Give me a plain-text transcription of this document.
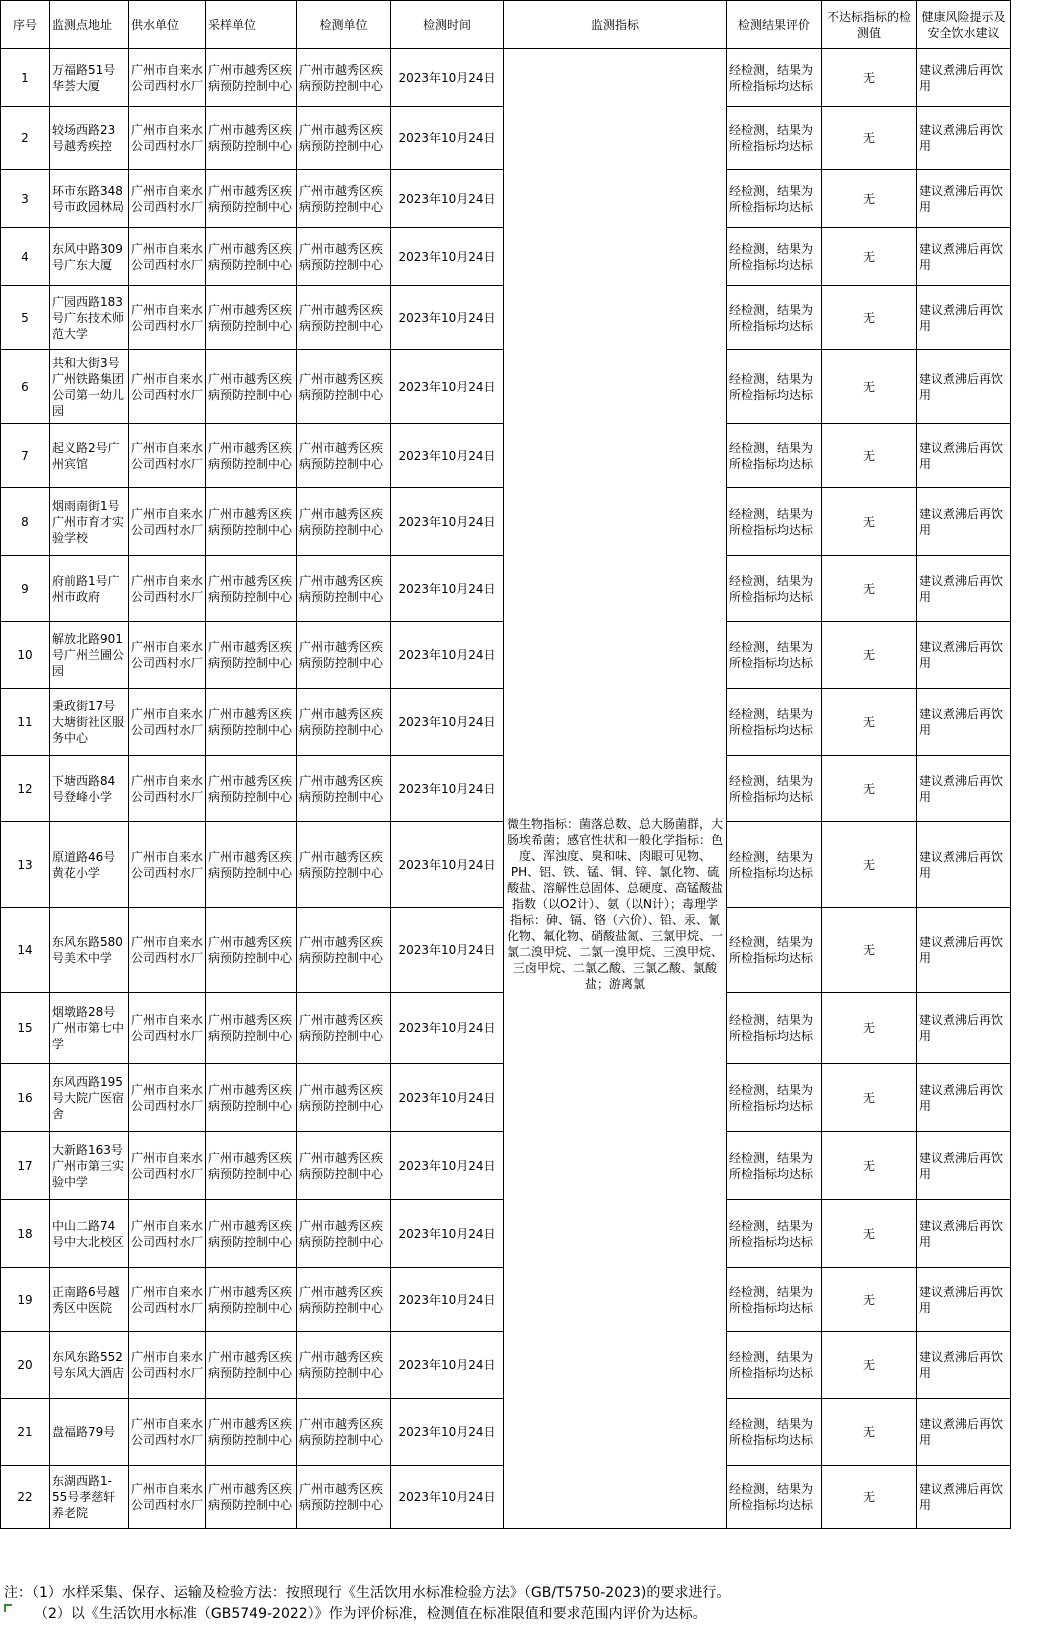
序号	监测点地址	供水单位	采样单位	检测单位	检测时间	监测指标	检测结果评价	不达标指标的检测值	健康风险提示及安全饮水建议
1	万福路51号华荟大厦	广州市自来水公司西村水厂	广州市越秀区疾病预防控制中心	广州市越秀区疾病预防控制中心	2023年10月24日	微生物指标：菌落总数、总大肠菌群，大肠埃希菌；感官性状和一般化学指标：色度、浑浊度、臭和味、肉眼可见物、PH、铝、铁、锰、铜、锌、氯化物、硫酸盐、溶解性总固体、总硬度、高锰酸盐指数（以O2计）、氨（以N计）；毒理学指标：砷、镉、铬（六价）、铅、汞、氰化物、氟化物、硝酸盐氮、三氯甲烷、一氯二溴甲烷、二氯一溴甲烷、三溴甲烷、三卤甲烷、二氯乙酸、三氯乙酸、氯酸盐；游离氯	经检测，结果为所检指标均达标	无	建议煮沸后再饮用
2	较场西路23号越秀疾控	广州市自来水公司西村水厂	广州市越秀区疾病预防控制中心	广州市越秀区疾病预防控制中心	2023年10月24日		经检测，结果为所检指标均达标	无	建议煮沸后再饮用
3	环市东路348号市政园林局	广州市自来水公司西村水厂	广州市越秀区疾病预防控制中心	广州市越秀区疾病预防控制中心	2023年10月24日		经检测，结果为所检指标均达标	无	建议煮沸后再饮用
4	东风中路309号广东大厦	广州市自来水公司西村水厂	广州市越秀区疾病预防控制中心	广州市越秀区疾病预防控制中心	2023年10月24日		经检测，结果为所检指标均达标	无	建议煮沸后再饮用
5	广园西路183号广东技术师范大学	广州市自来水公司西村水厂	广州市越秀区疾病预防控制中心	广州市越秀区疾病预防控制中心	2023年10月24日		经检测，结果为所检指标均达标	无	建议煮沸后再饮用
6	共和大街3号广州铁路集团公司第一幼儿园	广州市自来水公司西村水厂	广州市越秀区疾病预防控制中心	广州市越秀区疾病预防控制中心	2023年10月24日		经检测，结果为所检指标均达标	无	建议煮沸后再饮用
7	起义路2号广州宾馆	广州市自来水公司西村水厂	广州市越秀区疾病预防控制中心	广州市越秀区疾病预防控制中心	2023年10月24日		经检测，结果为所检指标均达标	无	建议煮沸后再饮用
8	烟雨南街1号广州市育才实验学校	广州市自来水公司西村水厂	广州市越秀区疾病预防控制中心	广州市越秀区疾病预防控制中心	2023年10月24日		经检测，结果为所检指标均达标	无	建议煮沸后再饮用
9	府前路1号广州市政府	广州市自来水公司西村水厂	广州市越秀区疾病预防控制中心	广州市越秀区疾病预防控制中心	2023年10月24日		经检测，结果为所检指标均达标	无	建议煮沸后再饮用
10	解放北路901号广州兰圃公园	广州市自来水公司西村水厂	广州市越秀区疾病预防控制中心	广州市越秀区疾病预防控制中心	2023年10月24日		经检测，结果为所检指标均达标	无	建议煮沸后再饮用
11	秉政街17号大塘街社区服务中心	广州市自来水公司西村水厂	广州市越秀区疾病预防控制中心	广州市越秀区疾病预防控制中心	2023年10月24日		经检测，结果为所检指标均达标	无	建议煮沸后再饮用
12	下塘西路84号登峰小学	广州市自来水公司西村水厂	广州市越秀区疾病预防控制中心	广州市越秀区疾病预防控制中心	2023年10月24日		经检测，结果为所检指标均达标	无	建议煮沸后再饮用
13	原道路46号黄花小学	广州市自来水公司西村水厂	广州市越秀区疾病预防控制中心	广州市越秀区疾病预防控制中心	2023年10月24日		经检测，结果为所检指标均达标	无	建议煮沸后再饮用
14	东风东路580号美术中学	广州市自来水公司西村水厂	广州市越秀区疾病预防控制中心	广州市越秀区疾病预防控制中心	2023年10月24日		经检测，结果为所检指标均达标	无	建议煮沸后再饮用
15	烟墩路28号广州市第七中学	广州市自来水公司西村水厂	广州市越秀区疾病预防控制中心	广州市越秀区疾病预防控制中心	2023年10月24日		经检测，结果为所检指标均达标	无	建议煮沸后再饮用
16	东风西路195号大院广医宿舍	广州市自来水公司西村水厂	广州市越秀区疾病预防控制中心	广州市越秀区疾病预防控制中心	2023年10月24日		经检测，结果为所检指标均达标	无	建议煮沸后再饮用
17	大新路163号广州市第三实验中学	广州市自来水公司西村水厂	广州市越秀区疾病预防控制中心	广州市越秀区疾病预防控制中心	2023年10月24日		经检测，结果为所检指标均达标	无	建议煮沸后再饮用
18	中山二路74号中大北校区	广州市自来水公司西村水厂	广州市越秀区疾病预防控制中心	广州市越秀区疾病预防控制中心	2023年10月24日		经检测，结果为所检指标均达标	无	建议煮沸后再饮用
19	正南路6号越秀区中医院	广州市自来水公司西村水厂	广州市越秀区疾病预防控制中心	广州市越秀区疾病预防控制中心	2023年10月24日		经检测，结果为所检指标均达标	无	建议煮沸后再饮用
20	东风东路552号东风大酒店	广州市自来水公司西村水厂	广州市越秀区疾病预防控制中心	广州市越秀区疾病预防控制中心	2023年10月24日		经检测，结果为所检指标均达标	无	建议煮沸后再饮用
21	盘福路79号	广州市自来水公司西村水厂	广州市越秀区疾病预防控制中心	广州市越秀区疾病预防控制中心	2023年10月24日		经检测，结果为所检指标均达标	无	建议煮沸后再饮用
22	东湖西路1-55号孝慈轩养老院	广州市自来水公司西村水厂	广州市越秀区疾病预防控制中心	广州市越秀区疾病预防控制中心	2023年10月24日		经检测，结果为所检指标均达标	无	建议煮沸后再饮用
注：（1）水样采集、保存、运输及检验方法：按照现行《生活饮用水标准检验方法》（GB/T5750-2023)的要求进行。
（2）以《生活饮用水标准（GB5749-2022）》作为评价标准，检测值在标准限值和要求范围内评价为达标。
